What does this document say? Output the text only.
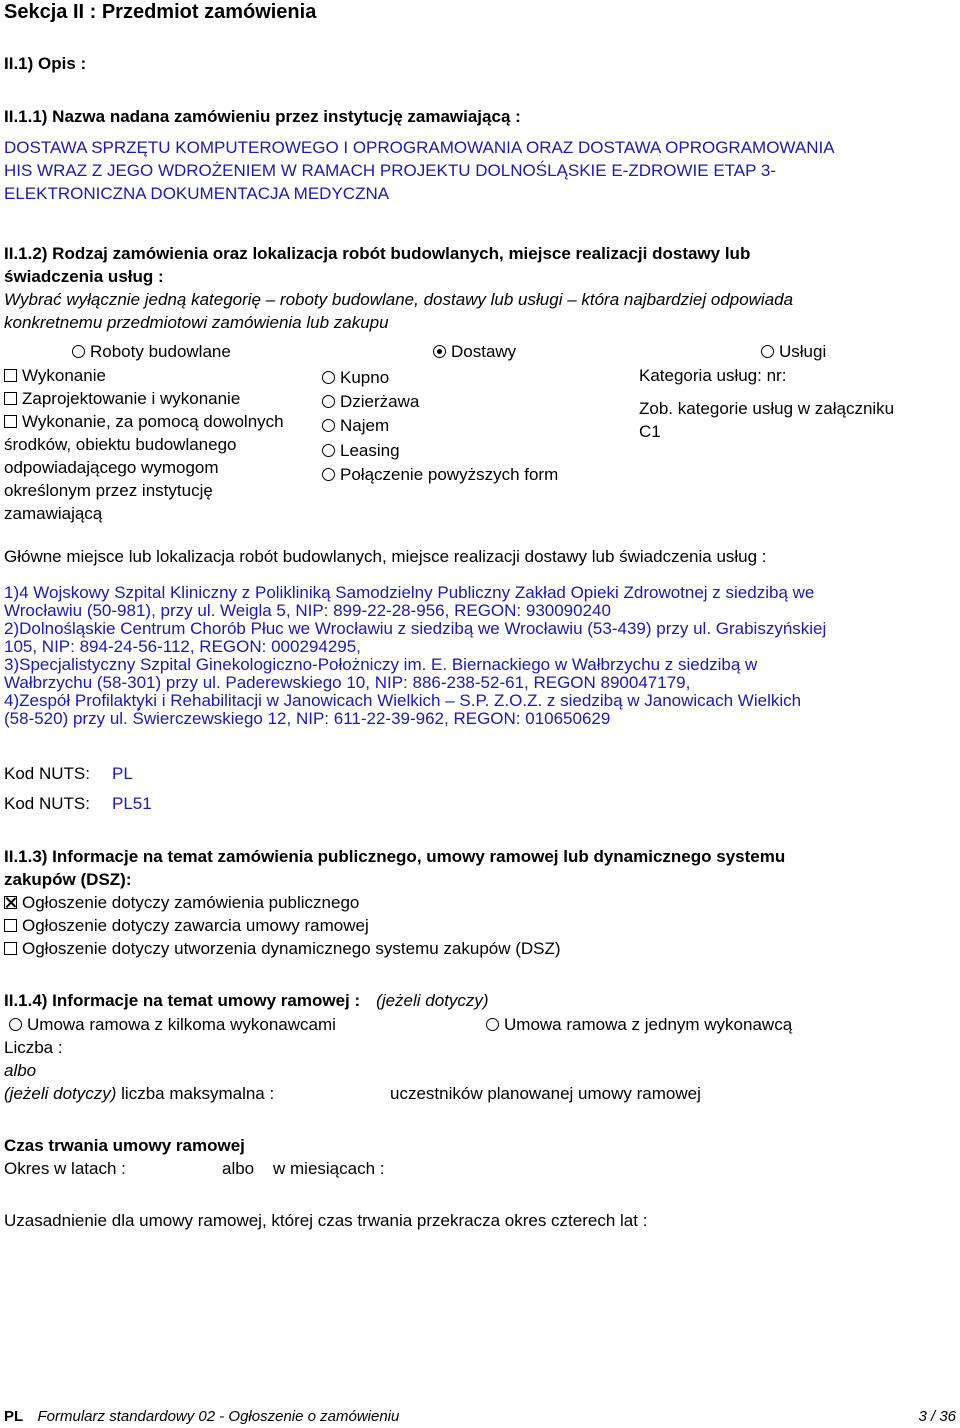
Sekcja II : Przedmiot zamówienia
II.1) Opis :
II.1.1) Nazwa nadana zamówieniu przez instytucję zamawiającą :
DOSTAWA SPRZĘTU KOMPUTEROWEGO I OPROGRAMOWANIA ORAZ DOSTAWA OPROGRAMOWANIA
HIS WRAZ Z JEGO WDROŻENIEM W RAMACH PROJEKTU DOLNOŚLĄSKIE E-ZDROWIE ETAP 3-
ELEKTRONICZNA DOKUMENTACJA MEDYCZNA
II.1.2) Rodzaj zamówienia oraz lokalizacja robót budowlanych, miejsce realizacji dostawy lub
świadczenia usług :
Wybrać wyłącznie jedną kategorię – roboty budowlane, dostawy lub usługi – która najbardziej odpowiada
konkretnemu przedmiotowi zamówienia lub zakupu
Roboty budowlane	Dostawy	Usługi
Wykonanie
Zaprojektowanie i wykonanie
Wykonanie, za pomocą dowolnych
środków, obiektu budowlanego
odpowiadającego wymogom
określonym przez instytucję
zamawiającą
Kupno
Dzierżawa
Najem
Leasing
Połączenie powyższych form
Kategoria usług: nr:
Zob. kategorie usług w załączniku
C1
Główne miejsce lub lokalizacja robót budowlanych, miejsce realizacji dostawy lub świadczenia usług :
1)4 Wojskowy Szpital Kliniczny z Polikliniką Samodzielny Publiczny Zakład Opieki Zdrowotnej z siedzibą we
Wrocławiu (50-981), przy ul. Weigla 5, NIP: 899-22-28-956, REGON: 930090240
2)Dolnośląskie Centrum Chorób Płuc we Wrocławiu z siedzibą we Wrocławiu (53-439) przy ul. Grabiszyńskiej
105, NIP: 894-24-56-112, REGON: 000294295,
3)Specjalistyczny Szpital Ginekologiczno-Położniczy im. E. Biernackiego w Wałbrzychu z siedzibą w
Wałbrzychu (58-301) przy ul. Paderewskiego 10, NIP: 886-238-52-61, REGON 890047179,
4)Zespół Profilaktyki i Rehabilitacji w Janowicach Wielkich – S.P. Z.O.Z. z siedzibą w Janowicach Wielkich
(58-520) przy ul. Świerczewskiego 12, NIP: 611-22-39-962, REGON: 010650629
Kod NUTS: PL
Kod NUTS: PL51
II.1.3) Informacje na temat zamówienia publicznego, umowy ramowej lub dynamicznego systemu
zakupów (DSZ):
Ogłoszenie dotyczy zamówienia publicznego
Ogłoszenie dotyczy zawarcia umowy ramowej
Ogłoszenie dotyczy utworzenia dynamicznego systemu zakupów (DSZ)
II.1.4) Informacje na temat umowy ramowej : (jeżeli dotyczy)
Umowa ramowa z kilkoma wykonawcami	Umowa ramowa z jednym wykonawcą
Liczba :
albo
(jeżeli dotyczy) liczba maksymalna :	uczestników planowanej umowy ramowej
Czas trwania umowy ramowej
Okres w latach :	albo w miesiącach :
Uzasadnienie dla umowy ramowej, której czas trwania przekracza okres czterech lat :
PL Formularz standardowy 02 - Ogłoszenie o zamówieniu	3 / 36
